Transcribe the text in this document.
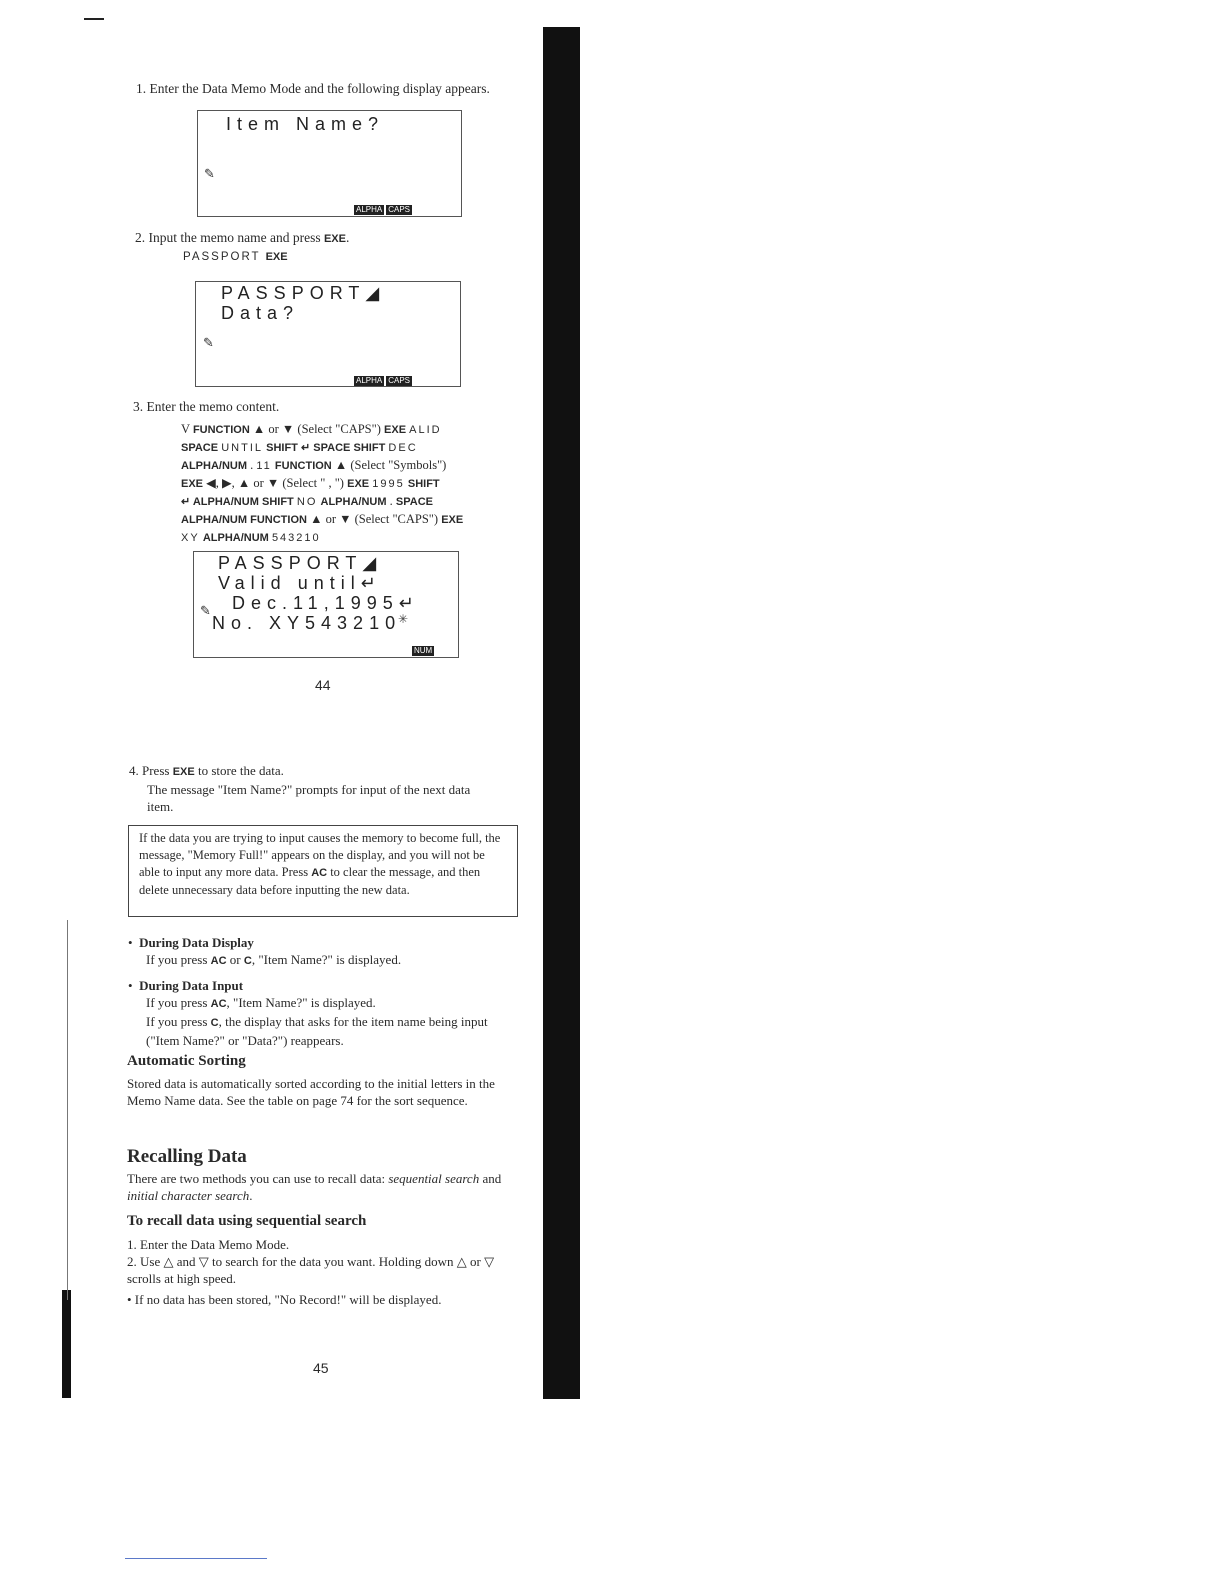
1. Enter the Data Memo Mode and the following display appears.
Item Name?
✎
ALPHA CAPS
2. Input the memo name and press EXE.
PASSPORT EXE
PASSPORT◢
Data?
✎
ALPHA CAPS
3. Enter the memo content.
V FUNCTION ▲ or ▼ (Select "CAPS") EXE ALID
SPACE UNTIL SHIFT ↵ SPACE SHIFT DEC
ALPHA/NUM . 11 FUNCTION ▲ (Select "Symbols")
EXE ◀, ▶, ▲ or ▼ (Select " , ") EXE 1995 SHIFT
↵ ALPHA/NUM SHIFT NO ALPHA/NUM . SPACE
ALPHA/NUM FUNCTION ▲ or ▼ (Select "CAPS") EXE
XY ALPHA/NUM 543210
PASSPORT◢
Valid until↵
Dec.11,1995↵
✎
No. XY543210
✳
NUM
44
4. Press EXE to store the data.
The message "Item Name?" prompts for input of the next data
item.
If the data you are trying to input causes the memory to become full, the message, "Memory Full!" appears on the display, and you will not be able to input any more data. Press AC to clear the message, and then delete unnecessary data before inputting the new data.
•  During Data Display
If you press AC or C, "Item Name?" is displayed.
•  During Data Input
If you press AC, "Item Name?" is displayed.
If you press C, the display that asks for the item name being input ("Item Name?" or "Data?") reappears.
Automatic Sorting
Stored data is automatically sorted according to the initial letters in the Memo Name data. See the table on page 74 for the sort sequence.
Recalling Data
There are two methods you can use to recall data: sequential search and initial character search.
To recall data using sequential search
1. Enter the Data Memo Mode.
2. Use △ and ▽ to search for the data you want. Holding down △ or ▽ scrolls at high speed.
• If no data has been stored, "No Record!" will be displayed.
45
